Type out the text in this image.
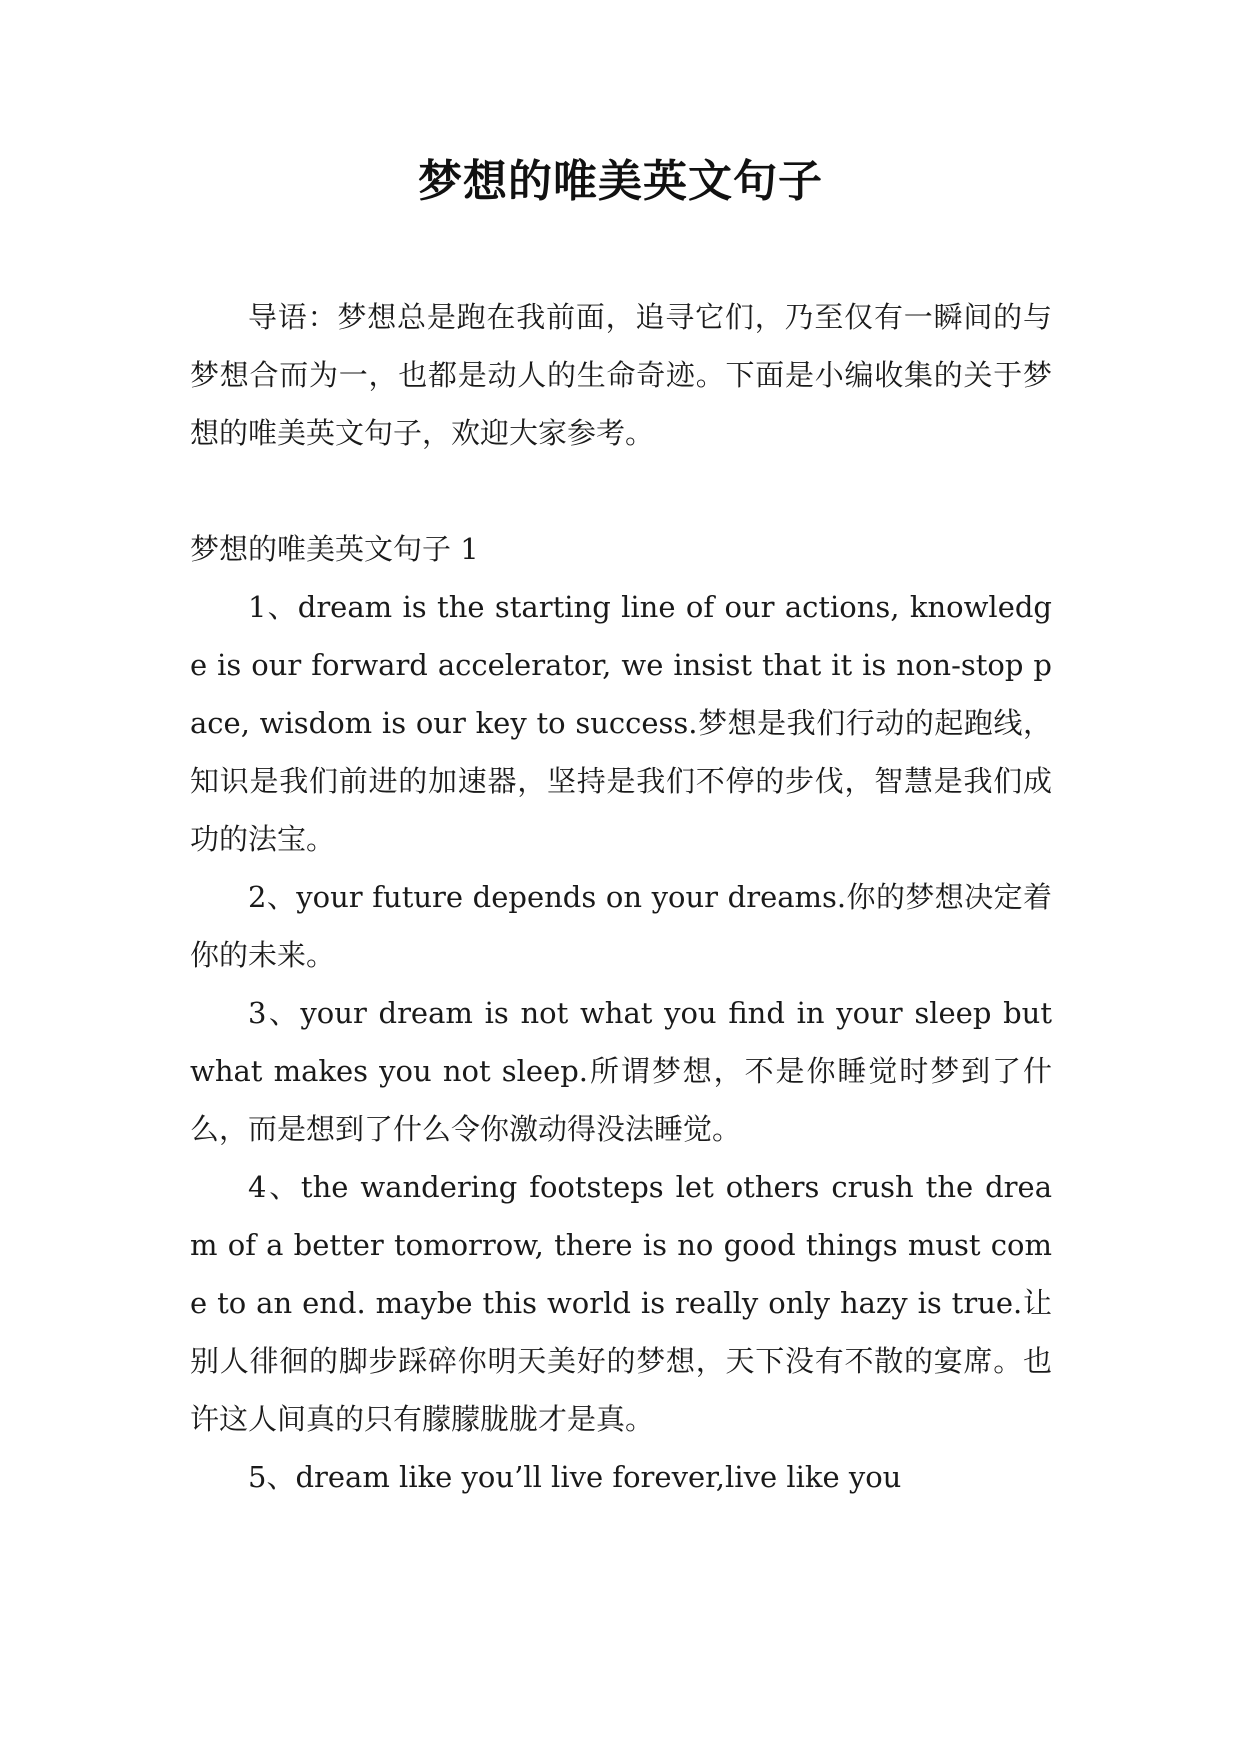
梦想的唯美英文句子

导语：梦想总是跑在我前面，追寻它们，乃至仅有一瞬间的与梦想合而为一，也都是动人的生命奇迹。下面是小编收集的关于梦想的唯美英文句子，欢迎大家参考。

梦想的唯美英文句子 1

1、dream is the starting line of our actions, knowledge is our forward accelerator, we insist that it is non-stop pace, wisdom is our key to success.梦想是我们行动的起跑线，知识是我们前进的加速器，坚持是我们不停的步伐，智慧是我们成功的法宝。

2、your future depends on your dreams.你的梦想决定着你的未来。

3、your dream is not what you find in your sleep but what makes you not sleep.所谓梦想，不是你睡觉时梦到了什么，而是想到了什么令你激动得没法睡觉。

4、the wandering footsteps let others crush the dream of a better tomorrow, there is no good things must come to an end. maybe this world is really only hazy is true.让别人徘徊的脚步踩碎你明天美好的梦想，天下没有不散的宴席。也许这人间真的只有朦朦胧胧才是真。

5、dream like you’ll live forever,live like you
